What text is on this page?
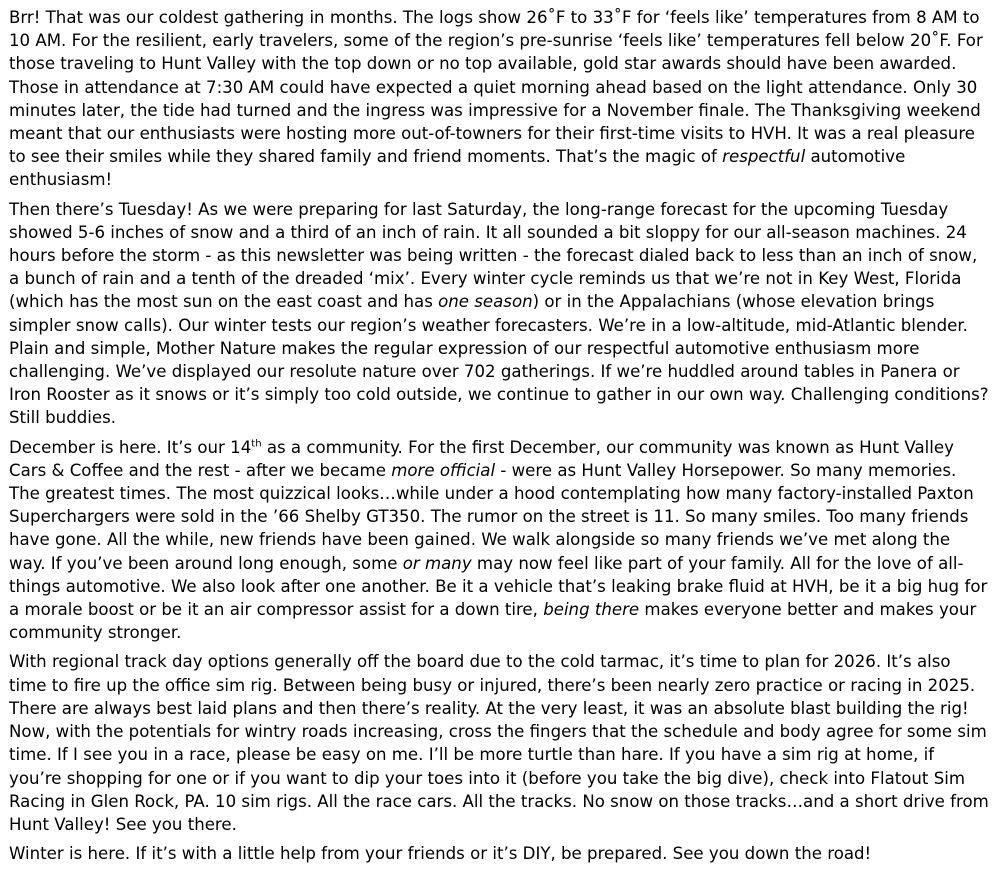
Brr! That was our coldest gathering in months. The logs show 26˚F to 33˚F for ‘feels like’ temperatures from 8 AM to 10 AM. For the resilient, early travelers, some of the region’s pre-sunrise ‘feels like’ temperatures fell below 20˚F. For those traveling to Hunt Valley with the top down or no top available, gold star awards should have been awarded. Those in attendance at 7:30 AM could have expected a quiet morning ahead based on the light attendance. Only 30 minutes later, the tide had turned and the ingress was impressive for a November finale. The Thanksgiving weekend meant that our enthusiasts were hosting more out-of-towners for their first-time visits to HVH. It was a real pleasure to see their smiles while they shared family and friend moments. That’s the magic of respectful automotive enthusiasm!

Then there’s Tuesday! As we were preparing for last Saturday, the long-range forecast for the upcoming Tuesday showed 5-6 inches of snow and a third of an inch of rain. It all sounded a bit sloppy for our all-season machines. 24 hours before the storm - as this newsletter was being written - the forecast dialed back to less than an inch of snow, a bunch of rain and a tenth of the dreaded ‘mix’. Every winter cycle reminds us that we’re not in Key West, Florida (which has the most sun on the east coast and has one season) or in the Appalachians (whose elevation brings simpler snow calls). Our winter tests our region’s weather forecasters. We’re in a low-altitude, mid-Atlantic blender. Plain and simple, Mother Nature makes the regular expression of our respectful automotive enthusiasm more challenging. We’ve displayed our resolute nature over 702 gatherings. If we’re huddled around tables in Panera or Iron Rooster as it snows or it’s simply too cold outside, we continue to gather in our own way. Challenging conditions? Still buddies.

December is here. It’s our 14th as a community. For the first December, our community was known as Hunt Valley Cars & Coffee and the rest - after we became more official - were as Hunt Valley Horsepower. So many memories. The greatest times. The most quizzical looks…while under a hood contemplating how many factory-installed Paxton Superchargers were sold in the ’66 Shelby GT350. The rumor on the street is 11. So many smiles. Too many friends have gone. All the while, new friends have been gained. We walk alongside so many friends we’ve met along the way. If you’ve been around long enough, some or many may now feel like part of your family. All for the love of all-things automotive. We also look after one another. Be it a vehicle that’s leaking brake fluid at HVH, be it a big hug for a morale boost or be it an air compressor assist for a down tire, being there makes everyone better and makes your community stronger.

With regional track day options generally off the board due to the cold tarmac, it’s time to plan for 2026. It’s also time to fire up the office sim rig. Between being busy or injured, there’s been nearly zero practice or racing in 2025. There are always best laid plans and then there’s reality. At the very least, it was an absolute blast building the rig! Now, with the potentials for wintry roads increasing, cross the fingers that the schedule and body agree for some sim time. If I see you in a race, please be easy on me. I’ll be more turtle than hare. If you have a sim rig at home, if you’re shopping for one or if you want to dip your toes into it (before you take the big dive), check into Flatout Sim Racing in Glen Rock, PA. 10 sim rigs. All the race cars. All the tracks. No snow on those tracks…and a short drive from Hunt Valley! See you there.

Winter is here. If it’s with a little help from your friends or it’s DIY, be prepared. See you down the road!
